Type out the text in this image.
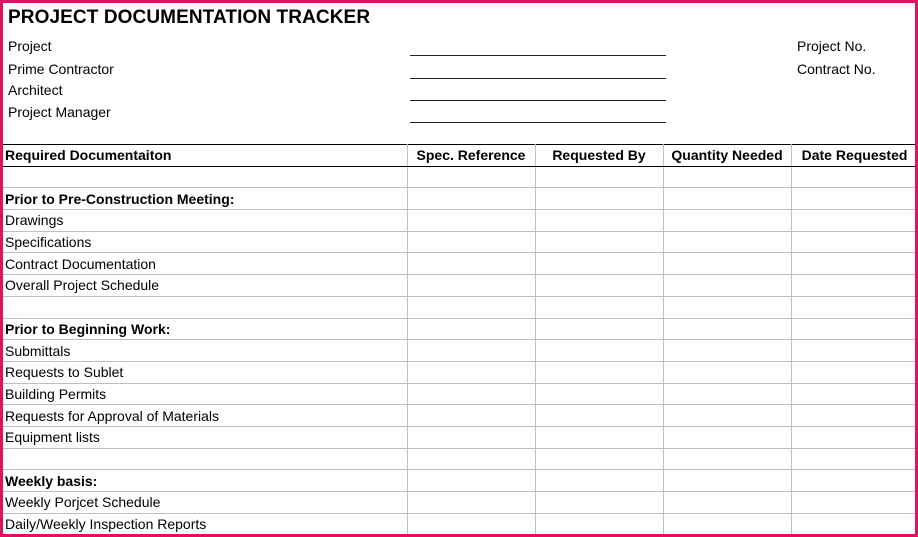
PROJECT DOCUMENTATION TRACKER
Project
Prime Contractor
Architect
Project Manager
Project No.
Contract No.
Required Documentaiton	Spec. Reference	Requested By	Quantity Needed	Date Requested

Prior to Pre-Construction Meeting:				
Drawings				
Specifications				
Contract Documentation				
Overall Project Schedule				

Prior to Beginning Work:				
Submittals				
Requests to Sublet				
Building Permits				
Requests for Approval of Materials				
Equipment lists				

Weekly basis:				
Weekly Porjcet Schedule				
Daily/Weekly Inspection Reports				
